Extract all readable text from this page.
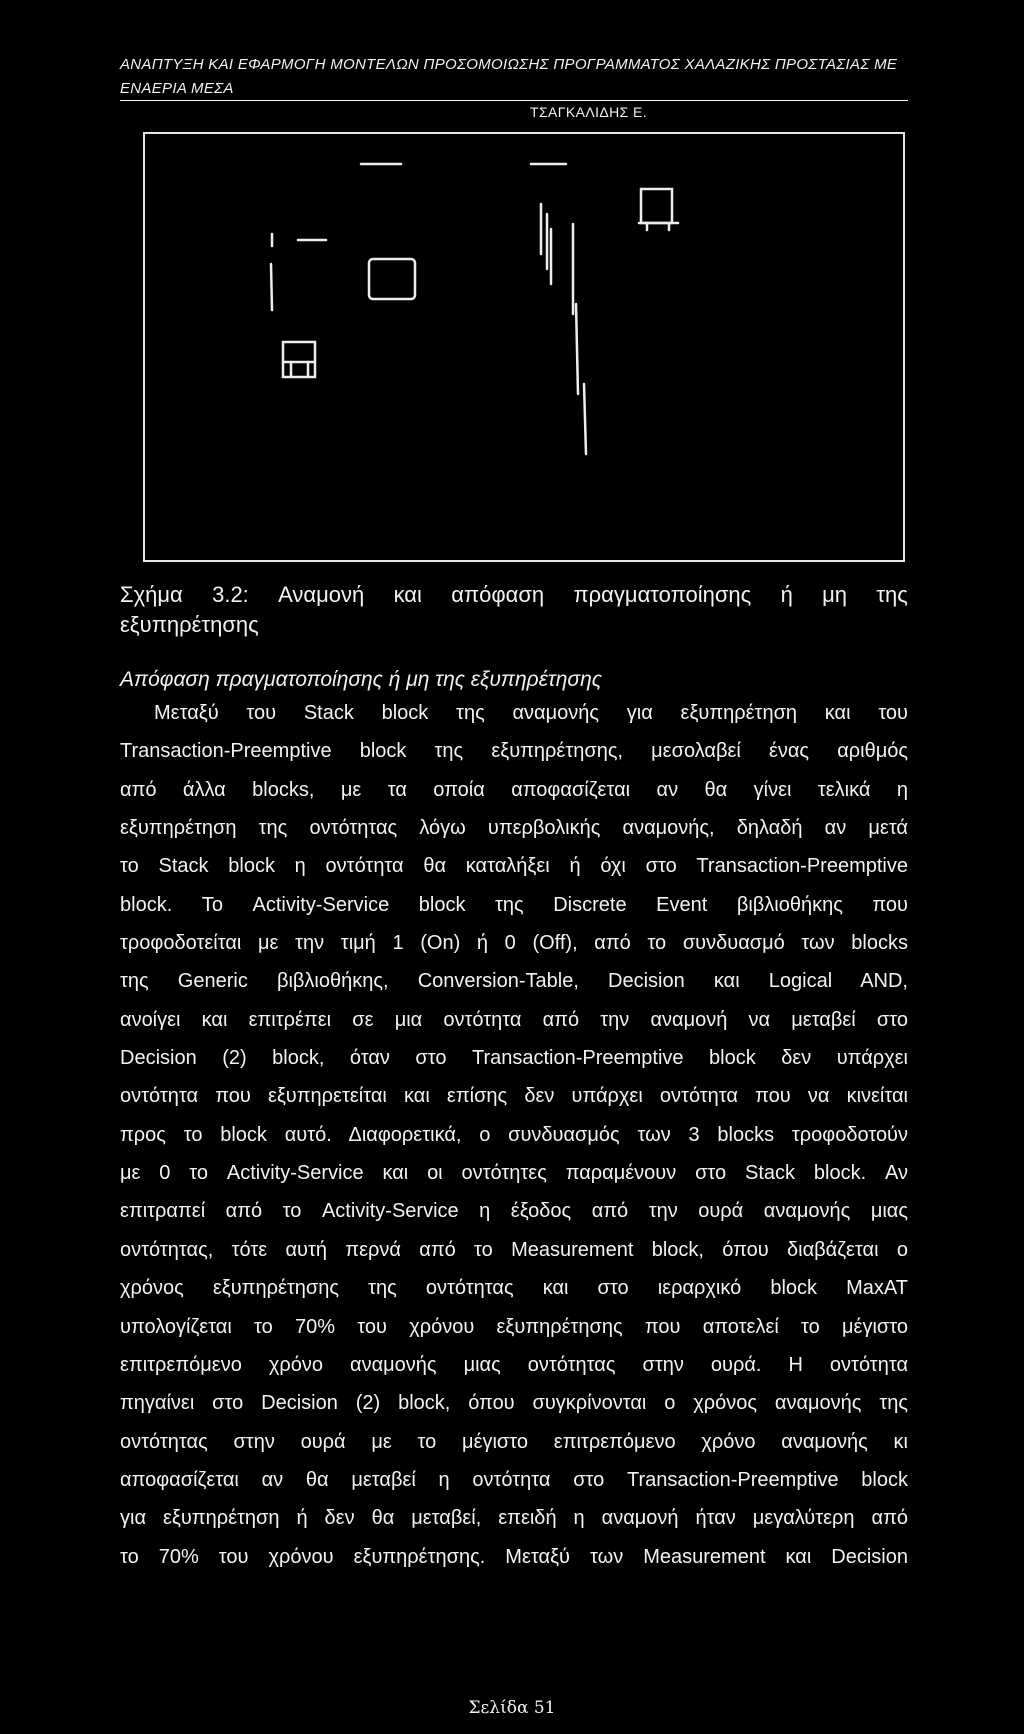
ΑΝΑΠΤΥΞΗ ΚΑΙ ΕΦΑΡΜΟΓΗ ΜΟΝΤΕΛΩΝ ΠΡΟΣΟΜΟΙΩΣΗΣ ΠΡΟΓΡΑΜΜΑΤΟΣ ΧΑΛΑΖΙΚΗΣ ΠΡΟΣΤΑΣΙΑΣ ΜΕ
ΕΝΑΕΡΙΑ ΜΕΣΑ
ΤΣΑΓΚΑΛΙΔΗΣ Ε.
Σχήμα 3.2: Αναμονή και απόφαση πραγματοποίησης ή μη της
εξυπηρέτησης
Απόφαση πραγματοποίησης ή μη της εξυπηρέτησης
Μεταξύ του Stack block της αναμονής για εξυπηρέτηση και του
Transaction-Preemptive block της εξυπηρέτησης, μεσολαβεί ένας αριθμός
από άλλα blocks, με τα οποία αποφασίζεται αν θα γίνει τελικά η
εξυπηρέτηση της οντότητας λόγω υπερβολικής αναμονής, δηλαδή αν μετά
το Stack block η οντότητα θα καταλήξει ή όχι στο Transaction-Preemptive
block. Το Activity-Service block της Discrete Event βιβλιοθήκης που
τροφοδοτείται με την τιμή 1 (On) ή 0 (Off), από το συνδυασμό των blocks
της Generic βιβλιοθήκης, Conversion-Table, Decision και Logical AND,
ανοίγει και επιτρέπει σε μια οντότητα από την αναμονή να μεταβεί στο
Decision (2) block, όταν στο Transaction-Preemptive block δεν υπάρχει
οντότητα που εξυπηρετείται και επίσης δεν υπάρχει οντότητα που να κινείται
προς το block αυτό. Διαφορετικά, ο συνδυασμός των 3 blocks τροφοδοτούν
με 0 το Activity-Service και οι οντότητες παραμένουν στο Stack block. Αν
επιτραπεί από το Activity-Service η έξοδος από την ουρά αναμονής μιας
οντότητας, τότε αυτή περνά από το Measurement block, όπου διαβάζεται ο
χρόνος εξυπηρέτησης της οντότητας και στο ιεραρχικό block MaxAT
υπολογίζεται το 70% του χρόνου εξυπηρέτησης που αποτελεί το μέγιστο
επιτρεπόμενο χρόνο αναμονής μιας οντότητας στην ουρά. Η οντότητα
πηγαίνει στο Decision (2) block, όπου συγκρίνονται ο χρόνος αναμονής της
οντότητας στην ουρά με το μέγιστο επιτρεπόμενο χρόνο αναμονής κι
αποφασίζεται αν θα μεταβεί η οντότητα στο Transaction-Preemptive block
για εξυπηρέτηση ή δεν θα μεταβεί, επειδή η αναμονή ήταν μεγαλύτερη από
το 70% του χρόνου εξυπηρέτησης. Μεταξύ των Measurement και Decision
Σελίδα 51
